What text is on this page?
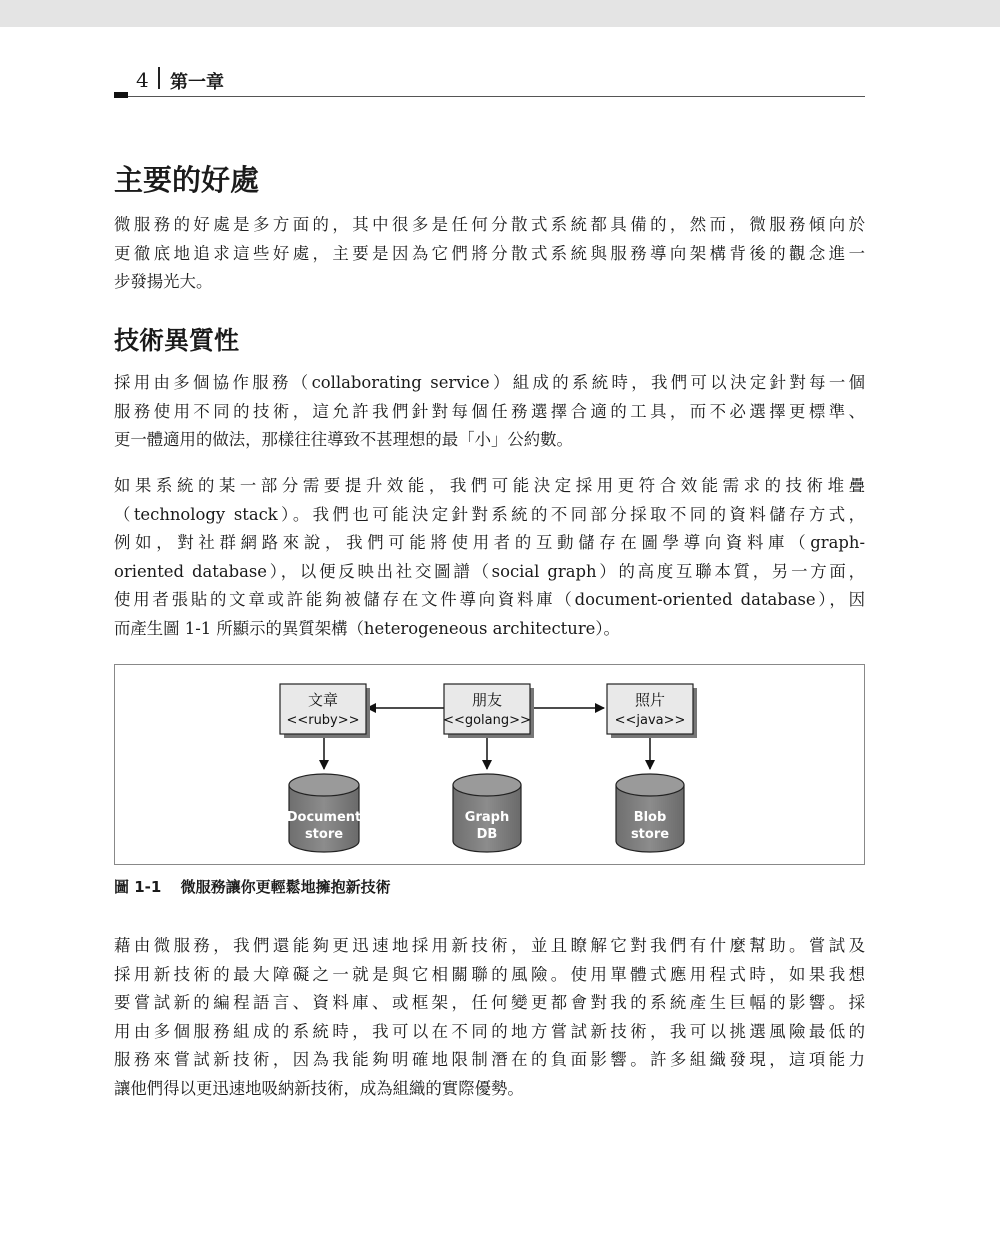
4 第一章
主要的好處
微服務的好處是多方面的，其中很多是任何分散式系統都具備的，然而，微服務傾向於
更徹底地追求這些好處，主要是因為它們將分散式系統與服務導向架構背後的觀念進一
步發揚光大。
技術異質性
採用由多個協作服務（collaborating service）組成的系統時，我們可以決定針對每一個
服務使用不同的技術，這允許我們針對每個任務選擇合適的工具，而不必選擇更標準、
更一體適用的做法，那樣往往導致不甚理想的最「小」公約數。
如果系統的某一部分需要提升效能，我們可能決定採用更符合效能需求的技術堆疊
（technology stack）。我們也可能決定針對系統的不同部分採取不同的資料儲存方式，
例如，對社群網路來說，我們可能將使用者的互動儲存在圖學導向資料庫（graph-
oriented database），以便反映出社交圖譜（social graph）的高度互聯本質，另一方面，
使用者張貼的文章或許能夠被儲存在文件導向資料庫（document-oriented database），因
而產生圖 1-1 所顯示的異質架構（heterogeneous architecture）。
文章
<<ruby>>
朋友
<<golang>>
照片
<<java>>
Document
store
Graph
DB
Blob
store
圖 1-1 微服務讓你更輕鬆地擁抱新技術
藉由微服務，我們還能夠更迅速地採用新技術，並且瞭解它對我們有什麼幫助。嘗試及
採用新技術的最大障礙之一就是與它相關聯的風險。使用單體式應用程式時，如果我想
要嘗試新的編程語言、資料庫、或框架，任何變更都會對我的系統產生巨幅的影響。採
用由多個服務組成的系統時，我可以在不同的地方嘗試新技術，我可以挑選風險最低的
服務來嘗試新技術，因為我能夠明確地限制潛在的負面影響。許多組織發現，這項能力
讓他們得以更迅速地吸納新技術，成為組織的實際優勢。
